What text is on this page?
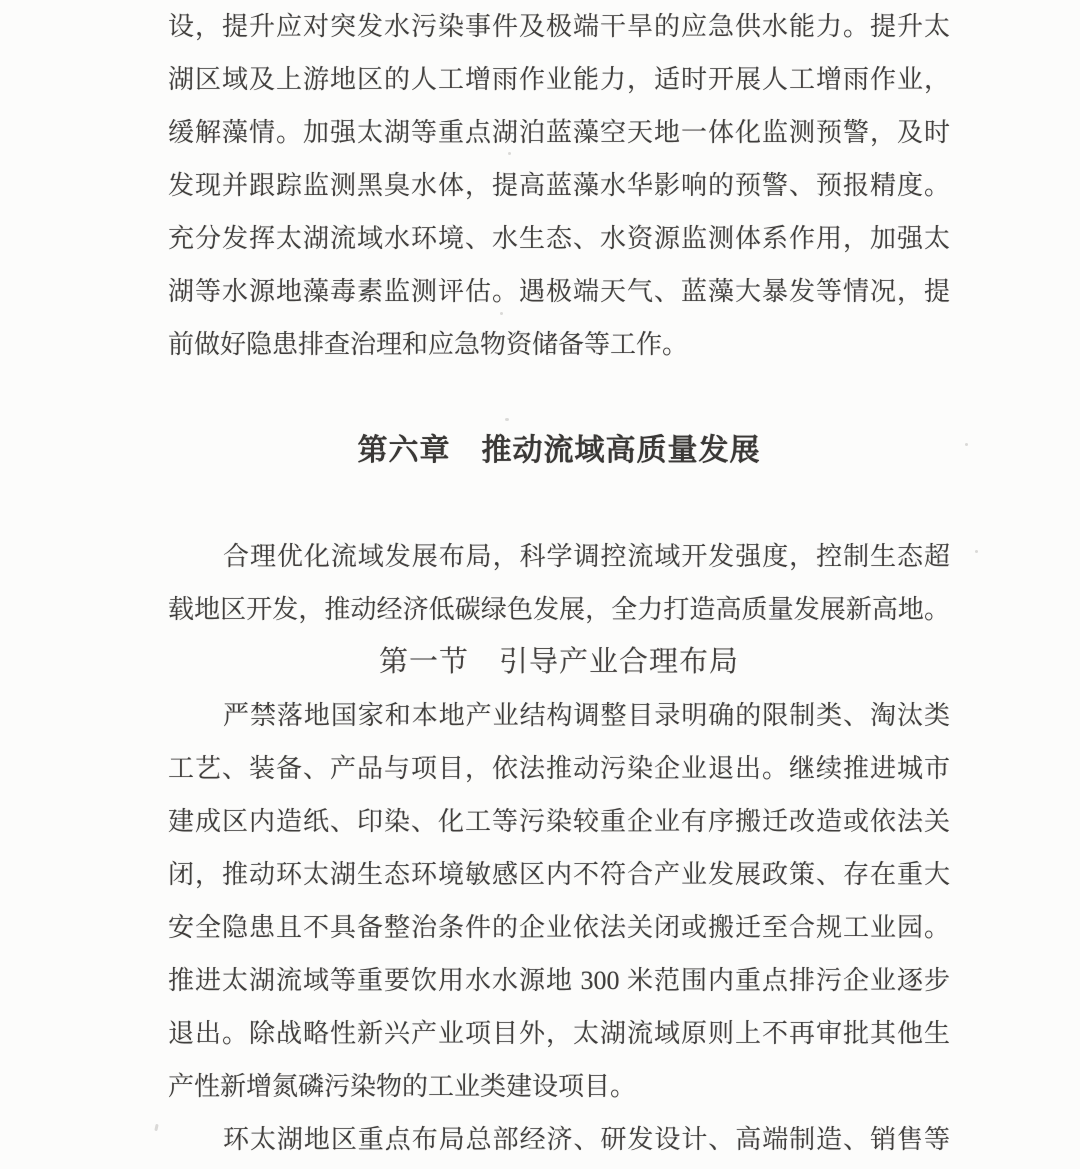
设，提升应对突发水污染事件及极端干旱的应急供水能力。提升太
湖区域及上游地区的人工增雨作业能力，适时开展人工增雨作业，
缓解藻情。加强太湖等重点湖泊蓝藻空天地一体化监测预警，及时
发现并跟踪监测黑臭水体，提高蓝藻水华影响的预警、预报精度。
充分发挥太湖流域水环境、水生态、水资源监测体系作用，加强太
湖等水源地藻毒素监测评估。遇极端天气、蓝藻大暴发等情况，提
前做好隐患排查治理和应急物资储备等工作。
第六章　推动流域高质量发展
合理优化流域发展布局，科学调控流域开发强度，控制生态超
载地区开发，推动经济低碳绿色发展，全力打造高质量发展新高地。
第一节　引导产业合理布局
严禁落地国家和本地产业结构调整目录明确的限制类、淘汰类
工艺、装备、产品与项目，依法推动污染企业退出。继续推进城市
建成区内造纸、印染、化工等污染较重企业有序搬迁改造或依法关
闭，推动环太湖生态环境敏感区内不符合产业发展政策、存在重大
安全隐患且不具备整治条件的企业依法关闭或搬迁至合规工业园。
推进太湖流域等重要饮用水水源地 300 米范围内重点排污企业逐步
退出。除战略性新兴产业项目外，太湖流域原则上不再审批其他生
产性新增氮磷污染物的工业类建设项目。
环太湖地区重点布局总部经济、研发设计、高端制造、销售等
